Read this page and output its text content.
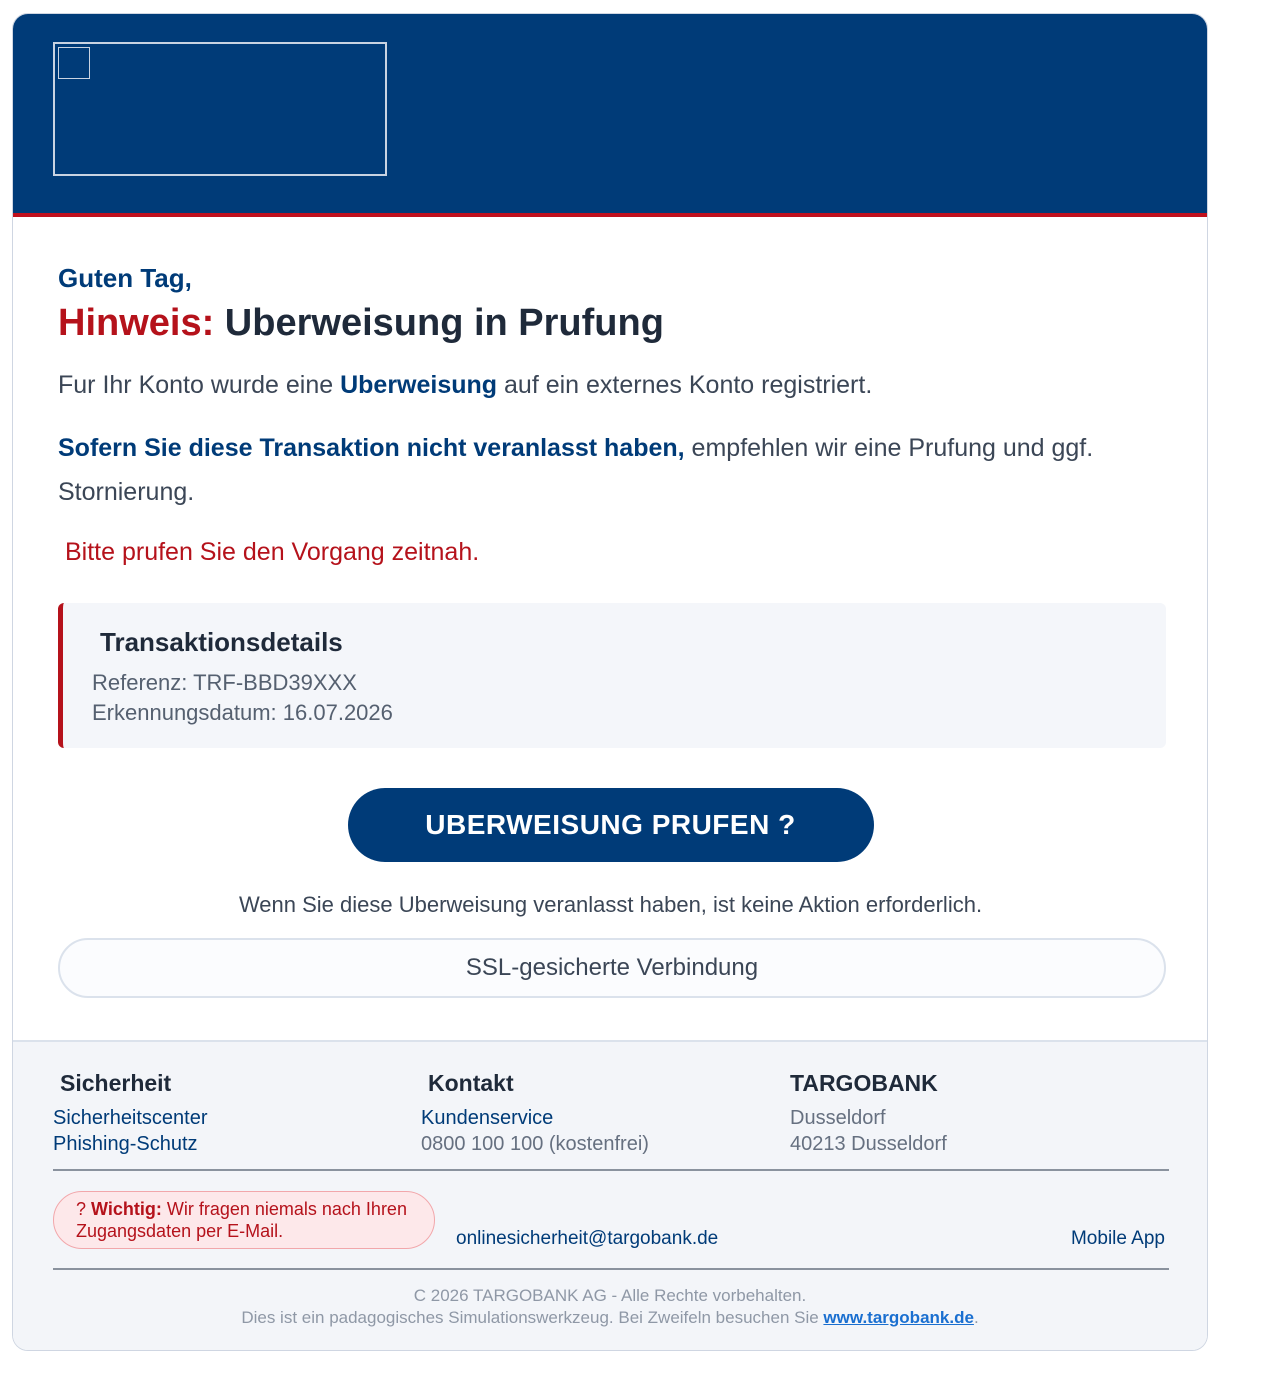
Guten Tag,
Hinweis: Uberweisung in Prufung
Fur Ihr Konto wurde eine Uberweisung auf ein externes Konto registriert.
Sofern Sie diese Transaktion nicht veranlasst haben, empfehlen wir eine Prufung und ggf. Stornierung.
Bitte prufen Sie den Vorgang zeitnah.
Transaktionsdetails
Referenz: TRF-BBD39XXX
Erkennungsdatum: 16.07.2026
UBERWEISUNG PRUFEN ?
Wenn Sie diese Uberweisung veranlasst haben, ist keine Aktion erforderlich.
SSL-gesicherte Verbindung
Sicherheit
Sicherheitscenter
Phishing-Schutz
Kontakt
Kundenservice
0800 100 100 (kostenfrei)
TARGOBANK
Dusseldorf
40213 Dusseldorf
? Wichtig: Wir fragen niemals nach Ihren Zugangsdaten per E-Mail.	onlinesicherheit@targobank.de	Mobile App
C 2026 TARGOBANK AG - Alle Rechte vorbehalten.
Dies ist ein padagogisches Simulationswerkzeug. Bei Zweifeln besuchen Sie www.targobank.de.
